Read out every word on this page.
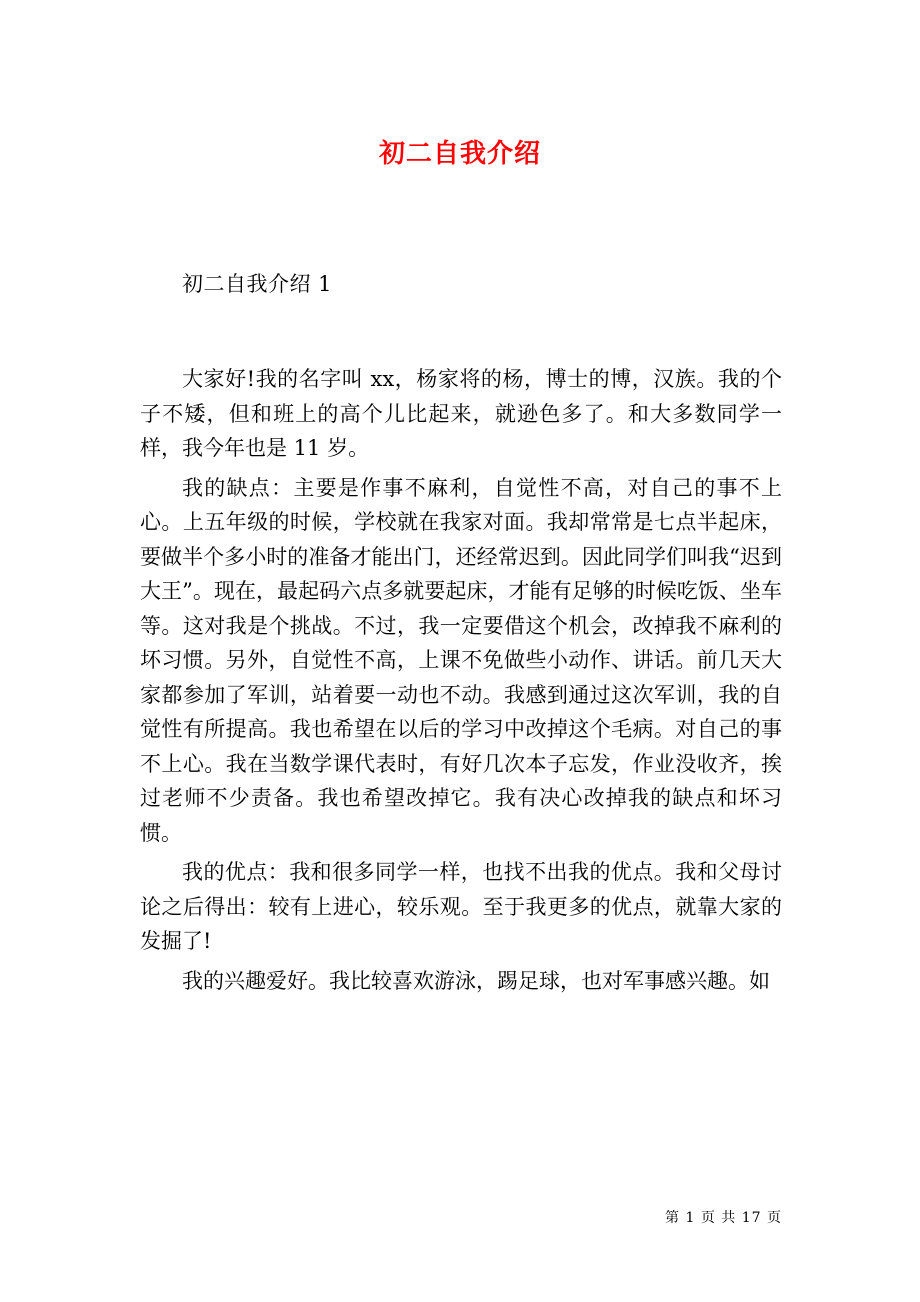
初二自我介绍
初二自我介绍 1

大家好!我的名字叫 xx，杨家将的杨，博士的博，汉族。我的个子不矮，但和班上的高个儿比起来，就逊色多了。和大多数同学一样，我今年也是 11 岁。

我的缺点：主要是作事不麻利，自觉性不高，对自己的事不上心。上五年级的时候，学校就在我家对面。我却常常是七点半起床，要做半个多小时的准备才能出门，还经常迟到。因此同学们叫我“迟到大王”。现在，最起码六点多就要起床，才能有足够的时候吃饭、坐车等。这对我是个挑战。不过，我一定要借这个机会，改掉我不麻利的坏习惯。另外，自觉性不高，上课不免做些小动作、讲话。前几天大家都参加了军训，站着要一动也不动。我感到通过这次军训，我的自觉性有所提高。我也希望在以后的学习中改掉这个毛病。对自己的事不上心。我在当数学课代表时，有好几次本子忘发，作业没收齐，挨过老师不少责备。我也希望改掉它。我有决心改掉我的缺点和坏习惯。

我的优点：我和很多同学一样，也找不出我的优点。我和父母讨论之后得出：较有上进心，较乐观。至于我更多的优点，就靠大家的发掘了!

我的兴趣爱好。我比较喜欢游泳，踢足球，也对军事感兴趣。如

第 1 页 共 17 页
